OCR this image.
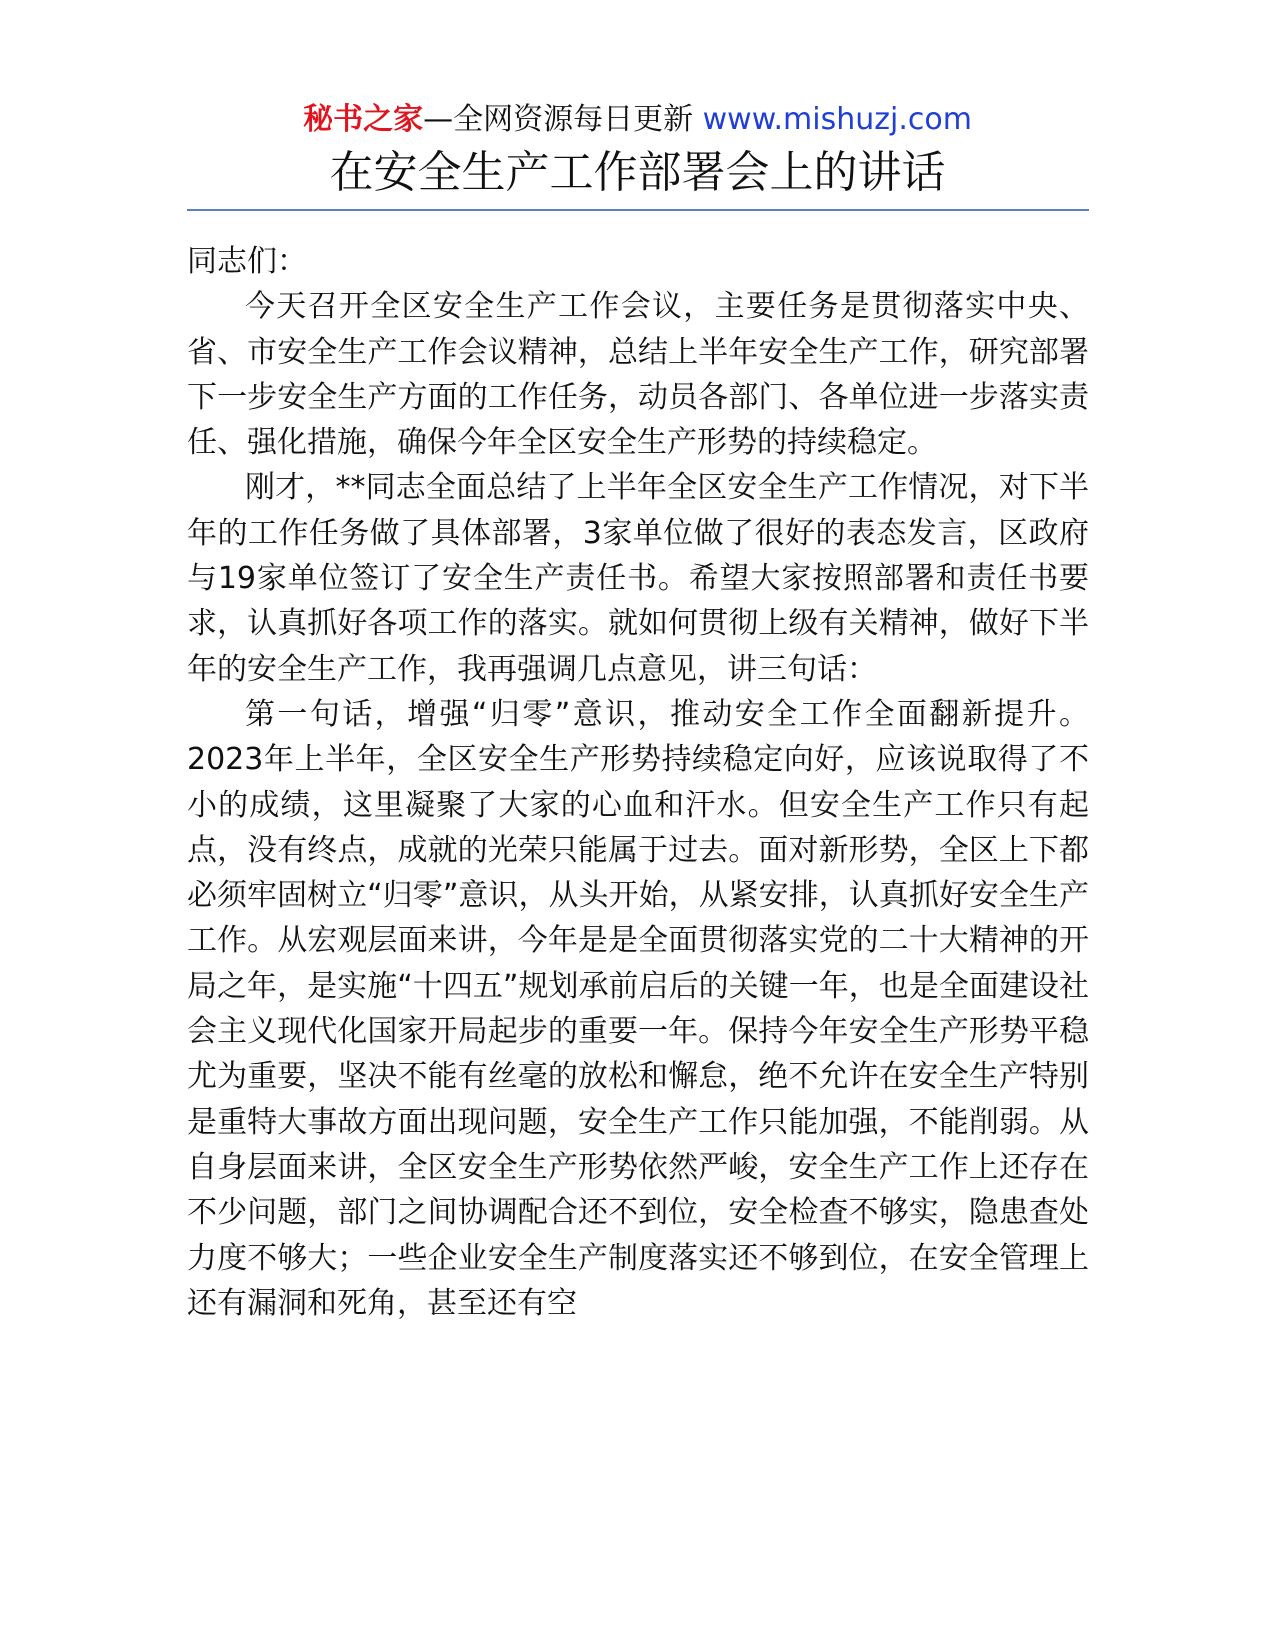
秘书之家—全网资源每日更新 www.mishuzj.com
在安全生产工作部署会上的讲话

同志们：

今天召开全区安全生产工作会议，主要任务是贯彻落实中央、省、市安全生产工作会议精神，总结上半年安全生产工作，研究部署下一步安全生产方面的工作任务，动员各部门、各单位进一步落实责任、强化措施，确保今年全区安全生产形势的持续稳定。

刚才，**同志全面总结了上半年全区安全生产工作情况，对下半年的工作任务做了具体部署，3家单位做了很好的表态发言，区政府与19家单位签订了安全生产责任书。希望大家按照部署和责任书要求，认真抓好各项工作的落实。就如何贯彻上级有关精神，做好下半年的安全生产工作，我再强调几点意见，讲三句话：

第一句话，增强“归零”意识，推动安全工作全面翻新提升。2023年上半年，全区安全生产形势持续稳定向好，应该说取得了不小的成绩，这里凝聚了大家的心血和汗水。但安全生产工作只有起点，没有终点，成就的光荣只能属于过去。面对新形势，全区上下都必须牢固树立“归零”意识，从头开始，从紧安排，认真抓好安全生产工作。从宏观层面来讲，今年是是全面贯彻落实党的二十大精神的开局之年，是实施“十四五”规划承前启后的关键一年，也是全面建设社会主义现代化国家开局起步的重要一年。保持今年安全生产形势平稳尤为重要，坚决不能有丝毫的放松和懈怠，绝不允许在安全生产特别是重特大事故方面出现问题，安全生产工作只能加强，不能削弱。从自身层面来讲，全区安全生产形势依然严峻，安全生产工作上还存在不少问题，部门之间协调配合还不到位，安全检查不够实，隐患查处力度不够大；一些企业安全生产制度落实还不够到位，在安全管理上还有漏洞和死角，甚至还有空
